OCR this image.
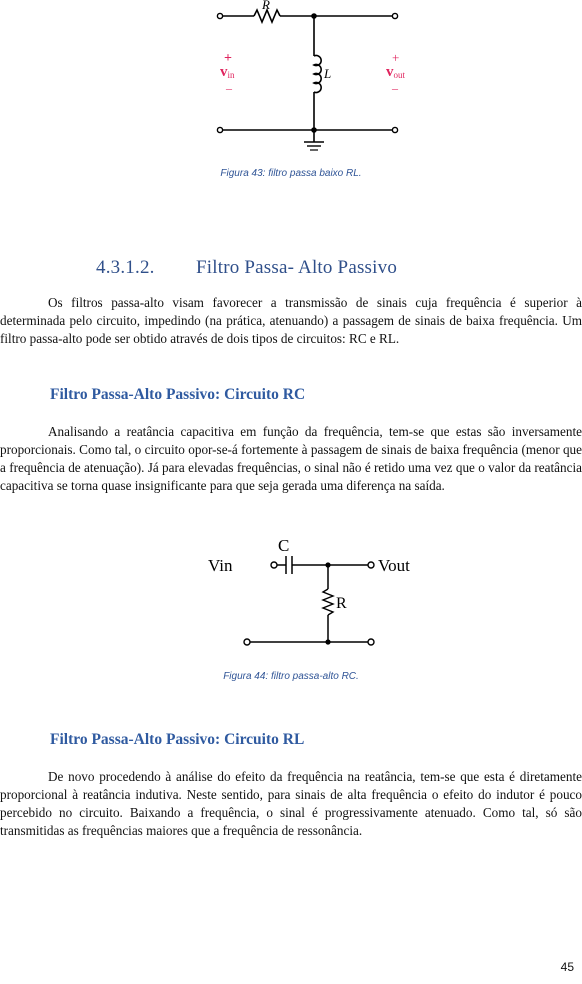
R
L
+
vin
–
+
vout
–
Figura 43: filtro passa baixo RL.
4.3.1.2. Filtro Passa- Alto Passivo

Os filtros passa-alto visam favorecer a transmissão de sinais cuja frequência é superior à determinada pelo circuito, impedindo (na prática, atenuando) a passagem de sinais de baixa frequência. Um filtro passa-alto pode ser obtido através de dois tipos de circuitos: RC e RL.

Filtro Passa-Alto Passivo: Circuito RC

Analisando a reatância capacitiva em função da frequência, tem-se que estas são inversamente proporcionais. Como tal, o circuito opor-se-á fortemente à passagem de sinais de baixa frequência (menor que a frequência de atenuação). Já para elevadas frequências, o sinal não é retido uma vez que o valor da reatância capacitiva se torna quase insignificante para que seja gerada uma diferença na saída.

Vin
C
Vout
R
Figura 44: filtro passa-alto RC.
Filtro Passa-Alto Passivo: Circuito RL

De novo procedendo à análise do efeito da frequência na reatância, tem-se que esta é diretamente proporcional à reatância indutiva. Neste sentido, para sinais de alta frequência o efeito do indutor é pouco percebido no circuito. Baixando a frequência, o sinal é progressivamente atenuado. Como tal, só são transmitidas as frequências maiores que a frequência de ressonância.

45
